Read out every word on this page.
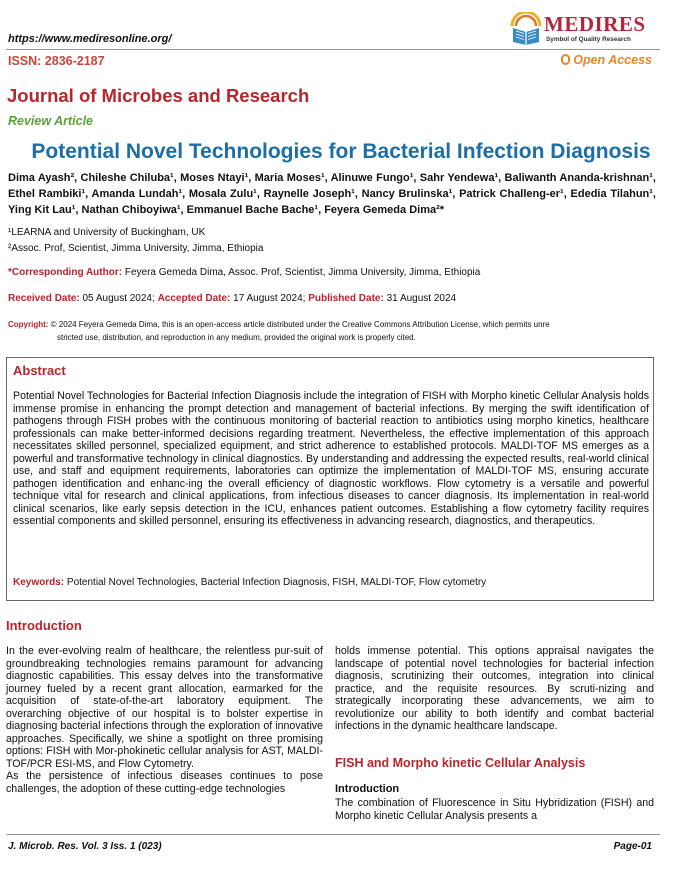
https://www.mediresonline.org/
MEDIRES
Symbol of Quality Research
ISSN: 2836-2187	Open Access
Journal of Microbes and Research
Review Article
Potential Novel Technologies for Bacterial Infection Diagnosis
Dima Ayash², Chileshe Chiluba¹, Moses Ntayi¹, Maria Moses¹, Alinuwe Fungo¹, Sahr Yendewa¹, Baliwanth Ananda-krishnan¹, Ethel Rambiki¹, Amanda Lundah¹, Mosala Zulu¹, Raynelle Joseph¹, Nancy Brulinska¹, Patrick Challeng-er¹, Ededia Tilahun¹, Ying Kit Lau¹, Nathan Chiboyiwa¹, Emmanuel Bache Bache¹, Feyera Gemeda Dima²*
¹LEARNA and University of Buckingham, UK
²Assoc. Prof, Scientist, Jimma University, Jimma, Ethiopia
*Corresponding Author: Feyera Gemeda Dima, Assoc. Prof, Scientist, Jimma University, Jimma, Ethiopia
Received Date: 05 August 2024; Accepted Date: 17 August 2024; Published Date: 31 August 2024
Copyright: © 2024 Feyera Gemeda Dima, this is an open-access article distributed under the Creative Commons Attribution License, which permits unre
stricted use, distribution, and reproduction in any medium, provided the original work is properly cited.
Abstract
Potential Novel Technologies for Bacterial Infection Diagnosis include the integration of FISH with Morpho kinetic Cellular Analysis holds immense promise in enhancing the prompt detection and management of bacterial infections. By merging the swift identification of pathogens through FISH probes with the continuous monitoring of bacterial reaction to antibiotics using morpho kinetics, healthcare professionals can make better-informed decisions regarding treatment. Nevertheless, the effective implementation of this approach necessitates skilled personnel, specialized equipment, and strict adherence to established protocols. MALDI-TOF MS emerges as a powerful and transformative technology in clinical diagnostics. By understanding and addressing the expected results, real-world clinical use, and staff and equipment requirements, laboratories can optimize the implementation of MALDI-TOF MS, ensuring accurate pathogen identification and enhanc-ing the overall efficiency of diagnostic workflows. Flow cytometry is a versatile and powerful technique vital for research and clinical applications, from infectious diseases to cancer diagnosis. Its implementation in real-world clinical scenarios, like early sepsis detection in the ICU, enhances patient outcomes. Establishing a flow cytometry facility requires essential components and skilled personnel, ensuring its effectiveness in advancing research, diagnostics, and therapeutics.
Keywords: Potential Novel Technologies, Bacterial Infection Diagnosis, FISH, MALDI-TOF, Flow cytometry
Introduction

In the ever-evolving realm of healthcare, the relentless pur-suit of groundbreaking technologies remains paramount for advancing diagnostic capabilities. This essay delves into the transformative journey fueled by a recent grant allocation, earmarked for the acquisition of state-of-the-art laboratory equipment. The overarching objective of our hospital is to bolster expertise in diagnosing bacterial infections through the exploration of innovative approaches. Specifically, we shine a spotlight on three promising options: FISH with Mor-phokinetic cellular analysis for AST, MALDI-TOF/PCR ESI-MS, and Flow Cytometry.

As the persistence of infectious diseases continues to pose challenges, the adoption of these cutting-edge technologies

holds immense potential. This options appraisal navigates the landscape of potential novel technologies for bacterial infection diagnosis, scrutinizing their outcomes, integration into clinical practice, and the requisite resources. By scruti-nizing and strategically incorporating these advancements, we aim to revolutionize our ability to both identify and combat bacterial infections in the dynamic healthcare landscape.

FISH and Morpho kinetic Cellular Analysis
Introduction
The combination of Fluorescence in Situ Hybridization (FISH) and Morpho kinetic Cellular Analysis presents a
J. Microb. Res. Vol. 3 Iss. 1 (023)	Page-01
